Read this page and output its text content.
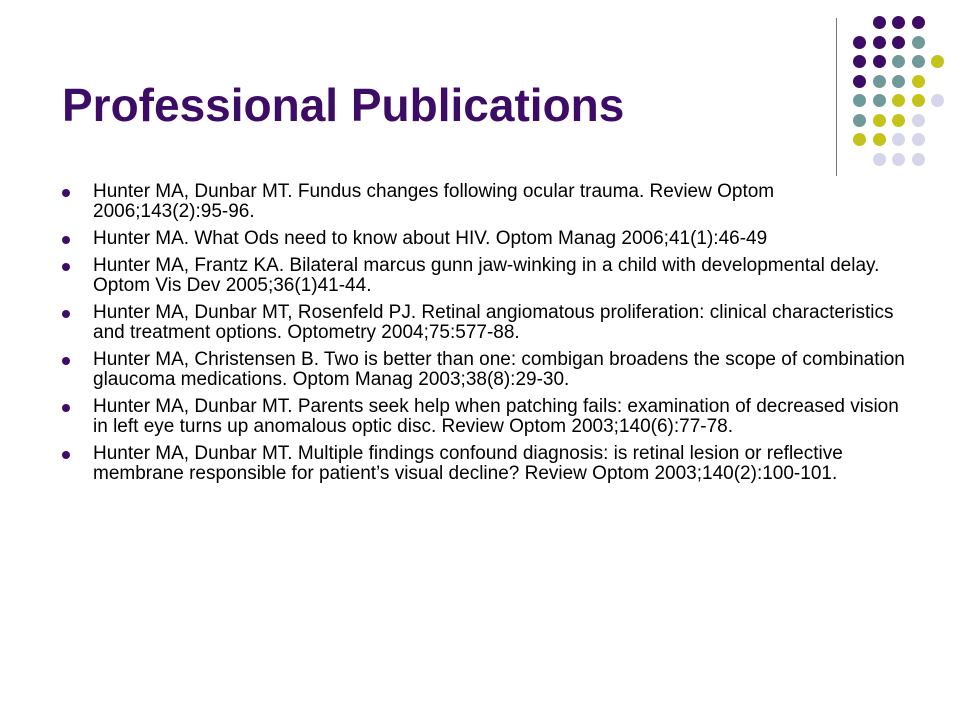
Professional Publications
Hunter MA, Dunbar MT. Fundus changes following ocular trauma. Review Optom 2006;143(2):95-96.
Hunter MA. What Ods need to know about HIV. Optom Manag 2006;41(1):46-49
Hunter MA, Frantz KA. Bilateral marcus gunn jaw-winking in a child with developmental delay. Optom Vis Dev 2005;36(1)41-44.
Hunter MA, Dunbar MT, Rosenfeld PJ. Retinal angiomatous proliferation: clinical characteristics and treatment options. Optometry 2004;75:577-88.
Hunter MA, Christensen B. Two is better than one: combigan broadens the scope of combination glaucoma medications. Optom Manag 2003;38(8):29-30.
Hunter MA, Dunbar MT. Parents seek help when patching fails: examination of decreased vision in left eye turns up anomalous optic disc. Review Optom 2003;140(6):77-78.
Hunter MA, Dunbar MT. Multiple findings confound diagnosis: is retinal lesion or reflective membrane responsible for patient’s visual decline? Review Optom 2003;140(2):100-101.
